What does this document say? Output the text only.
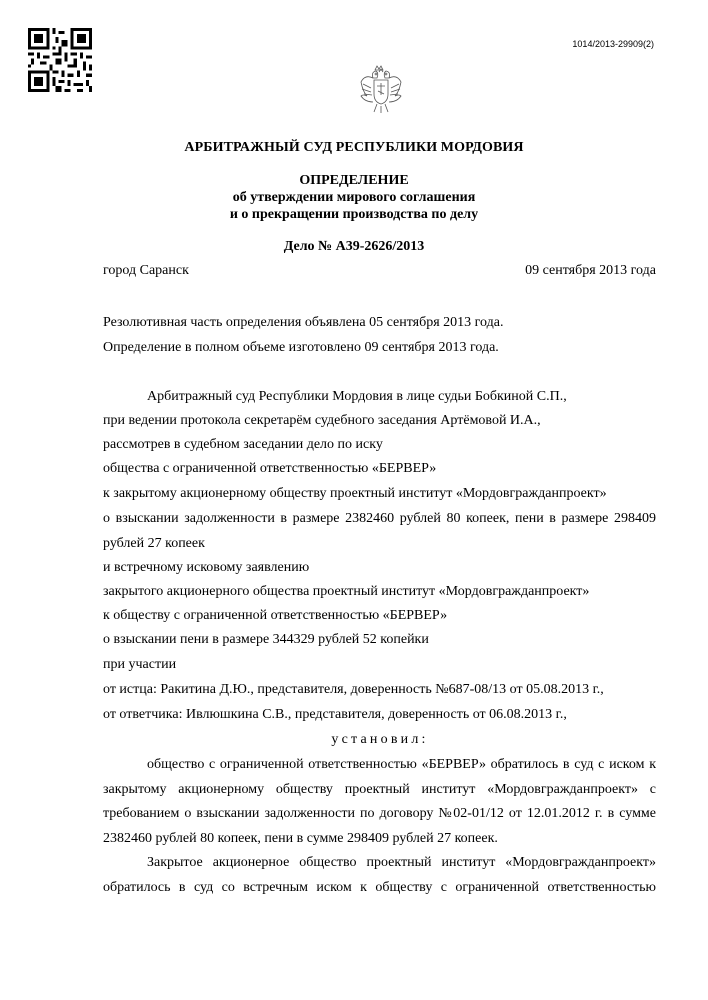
1014/2013-29909(2)
АРБИТРАЖНЫЙ СУД РЕСПУБЛИКИ МОРДОВИЯ
ОПРЕДЕЛЕНИЕ
об утверждении мирового соглашения
и о прекращении производства по делу
Дело № А39-2626/2013
город Саранск	09 сентября 2013 года
Резолютивная часть определения объявлена 05 сентября 2013 года.
Определение в полном объеме изготовлено 09 сентября 2013 года.
Арбитражный суд Республики Мордовия в лице судьи Бобкиной С.П.,
при ведении протокола секретарём судебного заседания Артёмовой И.А.,
рассмотрев в судебном заседании дело по иску
общества с ограниченной ответственностью «БЕРВЕР»
к закрытому акционерному обществу проектный институт «Мордовгражданпроект»
о взыскании задолженности в размере 2382460 рублей 80 копеек, пени в размере 298409
рублей 27 копеек
и встречному исковому заявлению
закрытого акционерного общества проектный институт «Мордовгражданпроект»
к обществу с ограниченной ответственностью «БЕРВЕР»
о взыскании пени в размере 344329 рублей 52 копейки
при участии
от истца: Ракитина Д.Ю., представителя, доверенность №687-08/13 от 05.08.2013 г.,
от ответчика: Ивлюшкина С.В., представителя, доверенность от 06.08.2013 г.,
установил:
общество с ограниченной ответственностью «БЕРВЕР» обратилось в суд с иском к
закрытому акционерному обществу проектный институт «Мордовгражданпроект» с
требованием о взыскании задолженности по договору №02-01/12 от 12.01.2012 г. в сумме
2382460 рублей 80 копеек, пени в сумме 298409 рублей 27 копеек.
Закрытое акционерное общество проектный институт «Мордовгражданпроект»
обратилось в суд со встречным иском к обществу с ограниченной ответственностью
